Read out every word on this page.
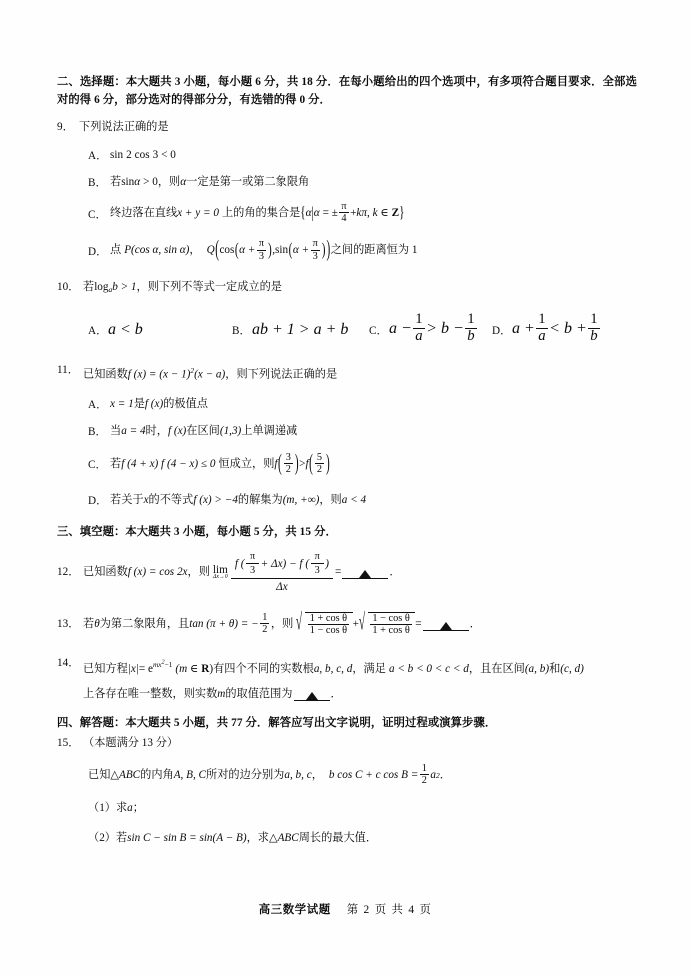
二、选择题：本大题共 3 小题，每小题 6 分，共 18 分．在每小题给出的四个选项中，有多项符合题目要求．全部选对的得 6 分，部分选对的得部分分，有选错的得 0 分．
9． 下列说法正确的是
A． sin 2 cos 3 < 0
B． 若sinα > 0，则α一定是第一或第二象限角
C． 终边落在直线x + y = 0 上的角的集合是{α|α = ± $\frac{\pi}{4} +k\pi$, k ∈ Z}
D． 点 P(cos α, sin α)， $Q(\cos(\alpha + \frac{\pi}{3} ),\sin(\alpha + \frac{\pi}{3}$ ))之间的距离恒为 1
10． 若$\log_ab > 1$，则下列不等式一定成立的是
A． a < b	B． ab + 1 > a + b C． $a - \frac{1}{a} > b - \frac{1}{b}$ D． $a + \frac{1}{a} < b + \frac{1}{b}$
11． 已知函数f $(x) = (x - 1)^2(x - a)$，则下列说法正确的是
A． x = 1是f (x)的极值点
B． 当a = 4时，f (x)在区间(1,3)上单调递减
C． 若f (4 + x) f (4 − x) ≤ 0 恒成立，则$f( \frac{3}{2} )>f( \frac{5}{2}$ )
D． 若关于x的不等式f (x) > −4的解集为(m, +∞)，则a < 4
三、填空题：本大题共 3 小题，每小题 5 分，共 15 分．
12． 已知函数 f (x) = cos 2x ， 则 lim
$\Delta x\to 0 \frac{f ( \frac{\pi}{3} + \Delta x) - f ( \frac{\pi}{3} )}{\Delta x}$ =	．
13． 若 θ 为第二象限角，且 tan (π + θ) = − $\frac{1}{2}$ ， 则 √ $\frac{\text{1 + cos θ}}{\text{1 − cos θ}}$ + √ $\frac{\text{1 − cos θ}}{\text{1 + cos θ}}$ =	．
14．
已知方程$|x|= e^{mx^2-1}$ (m ∈ R)有四个不同的实数根a, b, c, d，满足 a < b < 0 < c < d，且在区间(a, b)和(c, d)
上各存在唯一整数，则实数 m 的取值范围为	．
四、解答题：本大题共 5 小题，共 77 分．解答应写出文字说明，证明过程或演算步骤．
15． （本题满分 13 分）
已知 △ABC 的内角 A, B, C 所对的边分别为 a, b, c ， b cos C + c $\cos B = \frac{1}{2}$ a 2 ．
（1）求a；
（2）若sin C − sin B = sin(A − B)，求△ABC周长的最大值．
高三数学试题 第 2 页 共 4 页
